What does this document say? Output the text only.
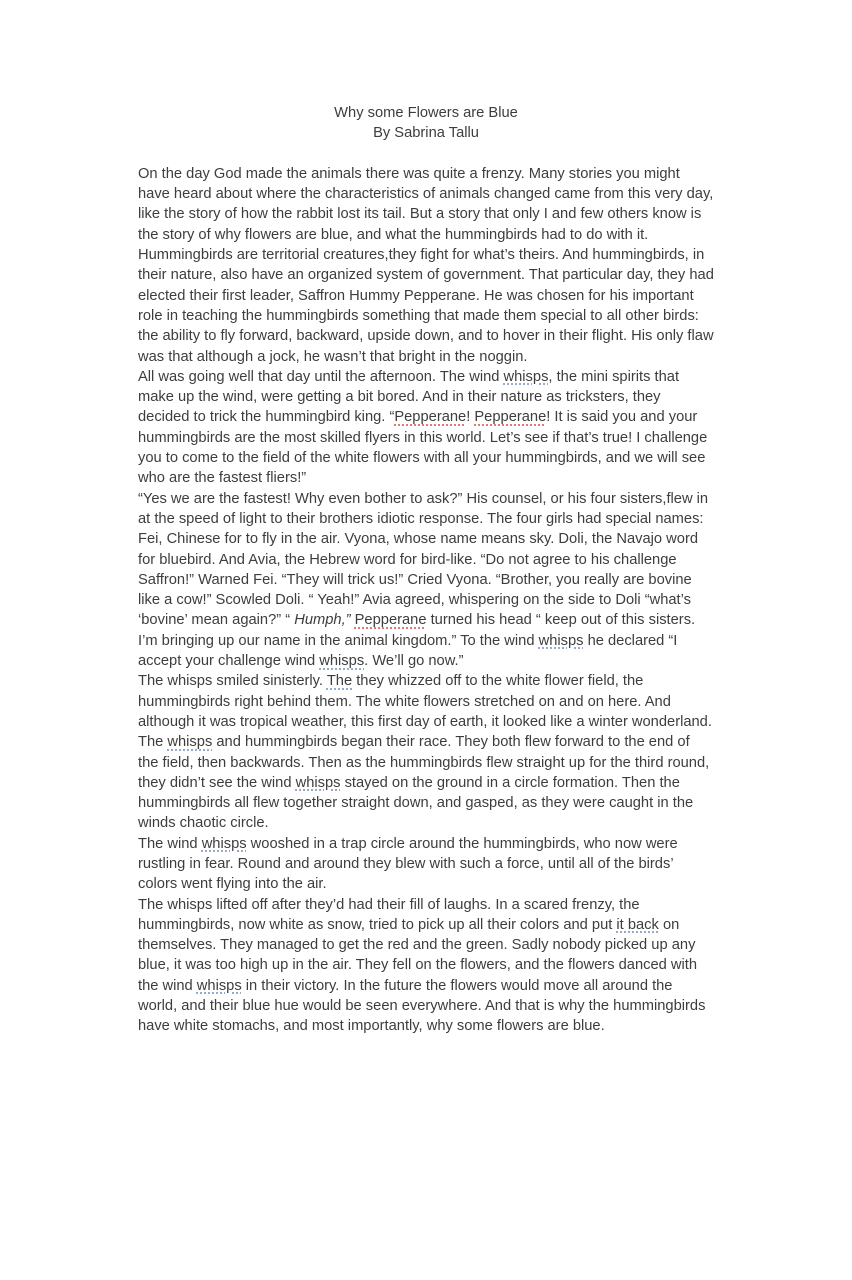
Why some Flowers are Blue

By Sabrina Tallu

On the day God made the animals there was quite a frenzy. Many stories you might have heard about where the characteristics of animals changed came from this very day, like the story of how the rabbit lost its tail. But a story that only I and few others know is the story of why flowers are blue, and what the hummingbirds had to do with it.

Hummingbirds are territorial creatures,they fight for what’s theirs. And hummingbirds, in their nature, also have an organized system of government. That particular day, they had elected their first leader, Saffron Hummy Pepperane. He was chosen for his important role in teaching the hummingbirds something that made them special to all other birds: the ability to fly forward, backward, upside down, and to hover in their flight. His only flaw was that although a jock, he wasn’t that bright in the noggin.

All was going well that day until the afternoon. The wind whisps, the mini spirits that make up the wind, were getting a bit bored. And in their nature as tricksters, they decided to trick the hummingbird king. “Pepperane! Pepperane! It is said you and your hummingbirds are the most skilled flyers in this world. Let’s see if that’s true! I challenge you to come to the field of the white flowers with all your hummingbirds, and we will see who are the fastest fliers!”

“Yes we are the fastest! Why even bother to ask?” His counsel, or his four sisters,flew in at the speed of light to their brothers idiotic response. The four girls had special names: Fei, Chinese for to fly in the air. Vyona, whose name means sky. Doli, the Navajo word for bluebird. And Avia, the Hebrew word for bird-like. “Do not agree to his challenge Saffron!” Warned Fei. “They will trick us!” Cried Vyona. “Brother, you really are bovine like a cow!” Scowled Doli. “ Yeah!” Avia agreed, whispering on the side to Doli “what’s ‘bovine’ mean again?” “ Humph,” Pepperane turned his head “ keep out of this sisters. I’m bringing up our name in the animal kingdom.” To the wind whisps he declared “I accept your challenge wind whisps. We’ll go now.”

The whisps smiled sinisterly. The they whizzed off to the white flower field, the hummingbirds right behind them. The white flowers stretched on and on here. And although it was tropical weather, this first day of earth, it looked like a winter wonderland.

The whisps and hummingbirds began their race. They both flew forward to the end of the field, then backwards. Then as the hummingbirds flew straight up for the third round, they didn’t see the wind whisps stayed on the ground in a circle formation. Then the hummingbirds all flew together straight down, and gasped, as they were caught in the winds chaotic circle.

The wind whisps wooshed in a trap circle around the hummingbirds, who now were rustling in fear. Round and around they blew with such a force, until all of the birds’ colors went flying into the air.

The whisps lifted off after they’d had their fill of laughs. In a scared frenzy, the hummingbirds, now white as snow, tried to pick up all their colors and put it back on themselves. They managed to get the red and the green. Sadly nobody picked up any blue, it was too high up in the air. They fell on the flowers, and the flowers danced with the wind whisps in their victory. In the future the flowers would move all around the world, and their blue hue would be seen everywhere. And that is why the hummingbirds have white stomachs, and most importantly, why some flowers are blue.
